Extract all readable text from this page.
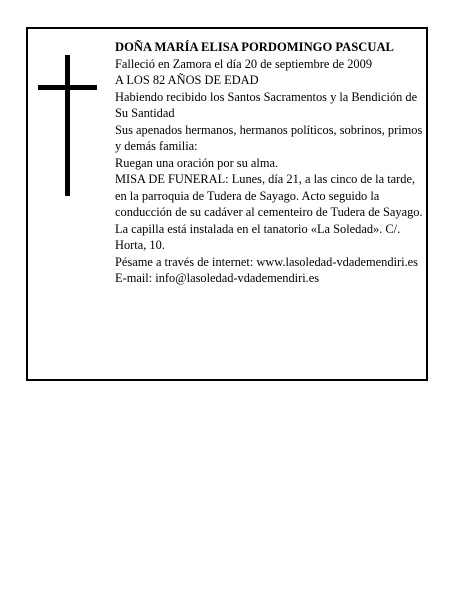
DOÑA MARÍA ELISA PORDOMINGO PASCUAL

Falleció en Zamora el día 20 de septiembre de 2009

A LOS 82 AÑOS DE EDAD

Habiendo recibido los Santos Sacramentos y la Bendición de Su Santidad

Sus apenados hermanos, hermanos políticos, sobrinos, primos y demás familia:

Ruegan una oración por su alma.

MISA DE FUNERAL: Lunes, día 21, a las cinco de la tarde, en la parroquia de Tudera de Sayago. Acto seguido la conducción de su cadáver al cementeiro de Tudera de Sayago.

La capilla está instalada en el tanatorio «La Soledad». C/. Horta, 10.

Pésame a través de internet: www.lasoledad-vdademendiri.es

E-mail: info@lasoledad-vdademendiri.es
